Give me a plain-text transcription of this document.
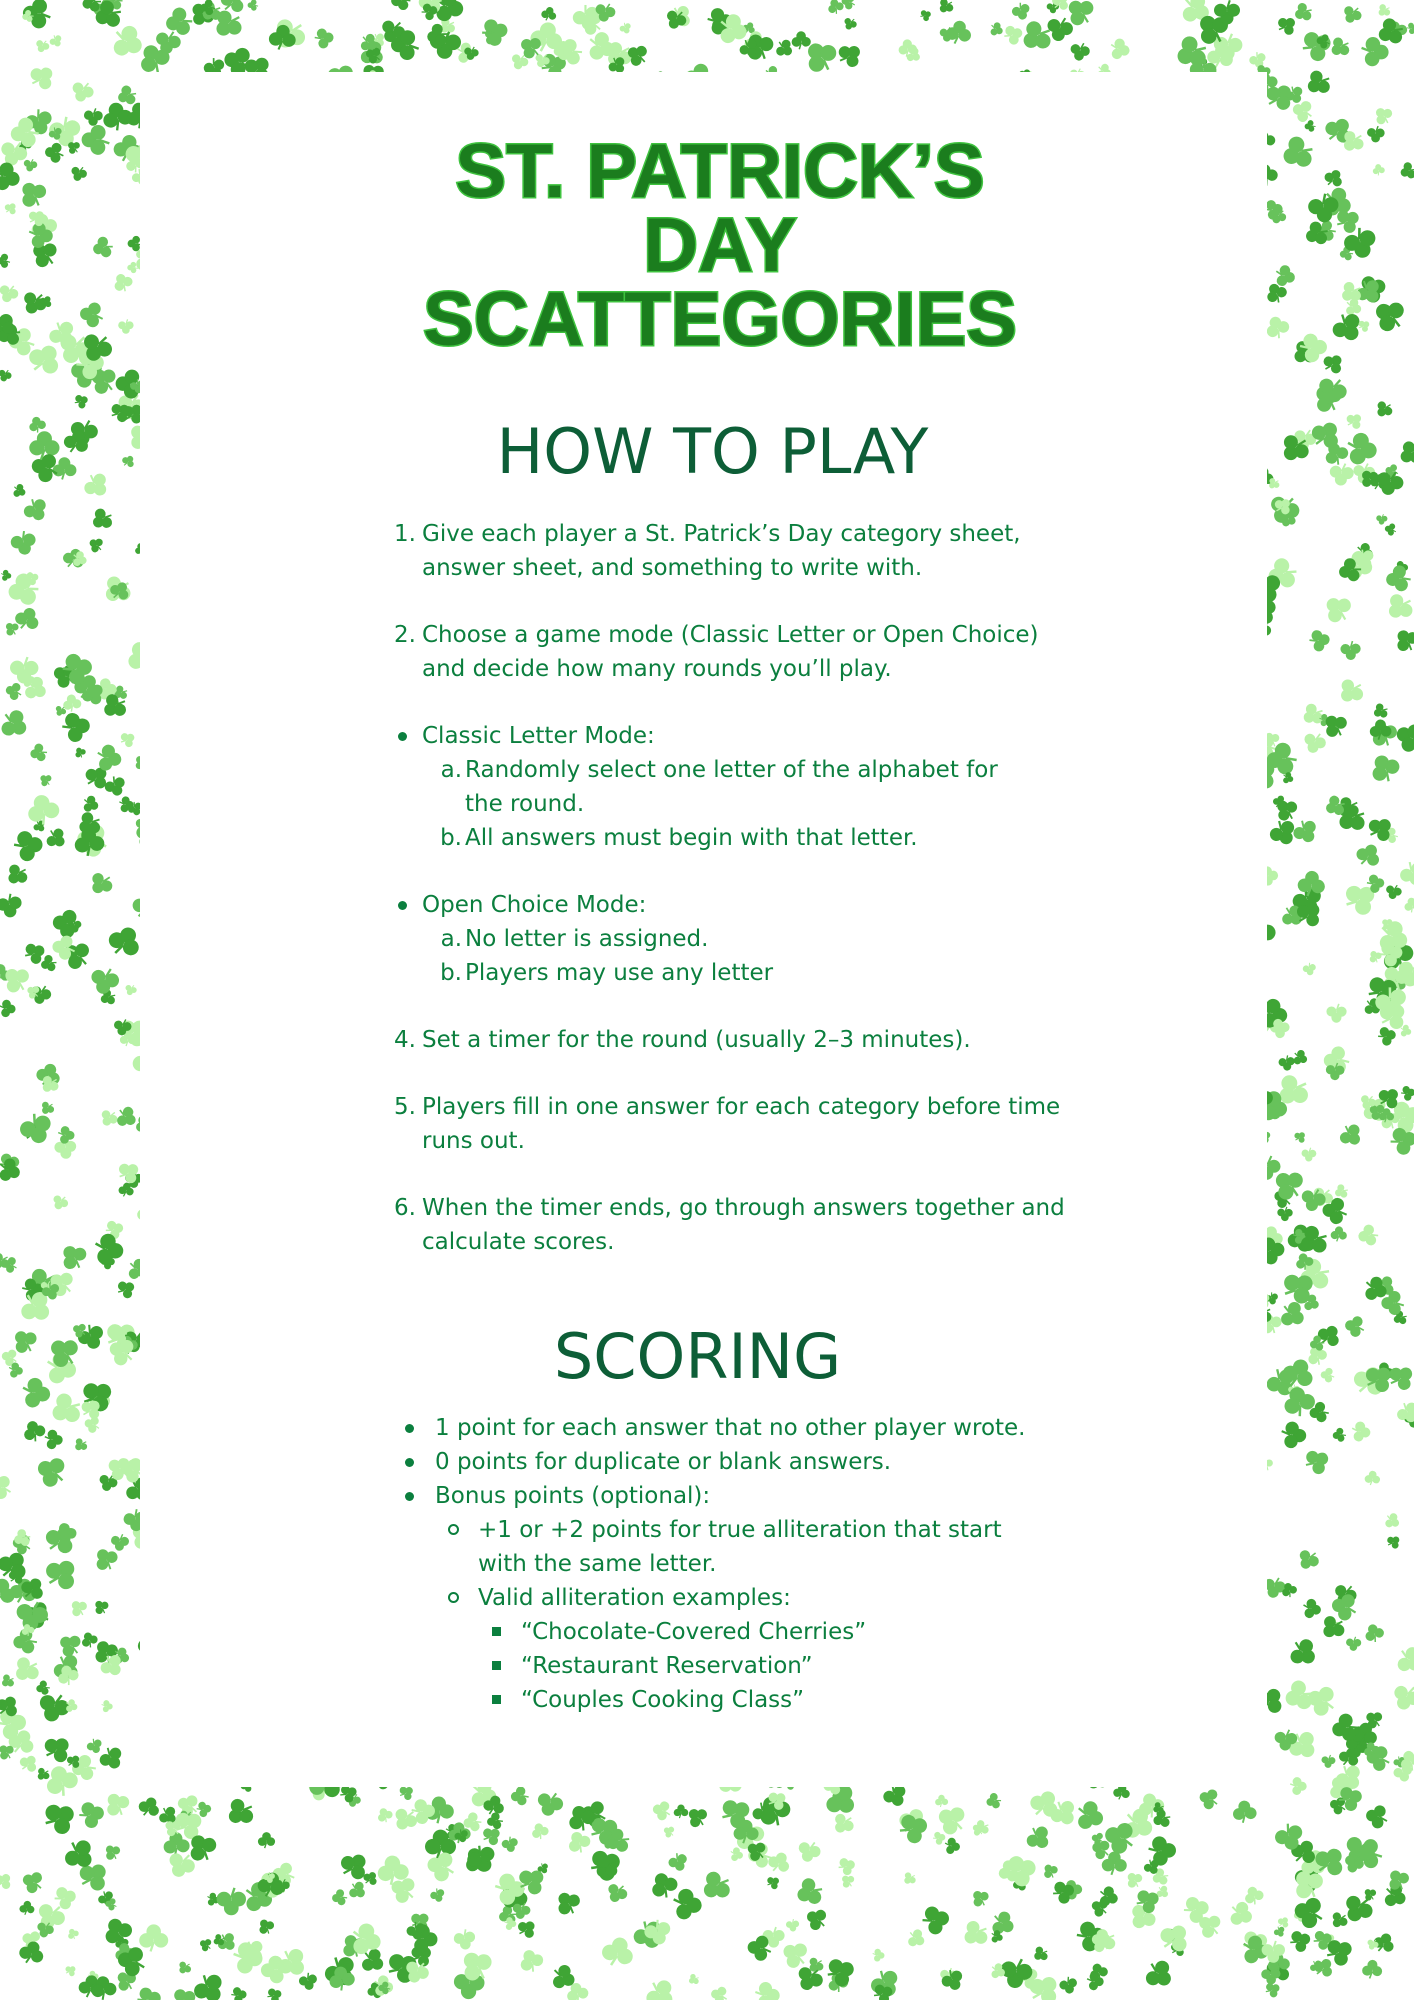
ST. PATRICK’S
DAY
SCATTEGORIES
HOW TO PLAY
1. Give each player a St. Patrick’s Day category sheet, answer sheet, and something to write with.
2. Choose a game mode (Classic Letter or Open Choice) and decide how many rounds you’ll play.
Classic Letter Mode:
a. Randomly select one letter of the alphabet for the round.
b. All answers must begin with that letter.
Open Choice Mode:
a. No letter is assigned.
b. Players may use any letter
4. Set a timer for the round (usually 2–3 minutes).
5. Players fill in one answer for each category before time runs out.
6. When the timer ends, go through answers together and calculate scores.
SCORING
1 point for each answer that no other player wrote.
0 points for duplicate or blank answers.
Bonus points (optional):
+1 or +2 points for true alliteration that start with the same letter.
Valid alliteration examples:
“Chocolate-Covered Cherries”
“Restaurant Reservation”
“Couples Cooking Class”
